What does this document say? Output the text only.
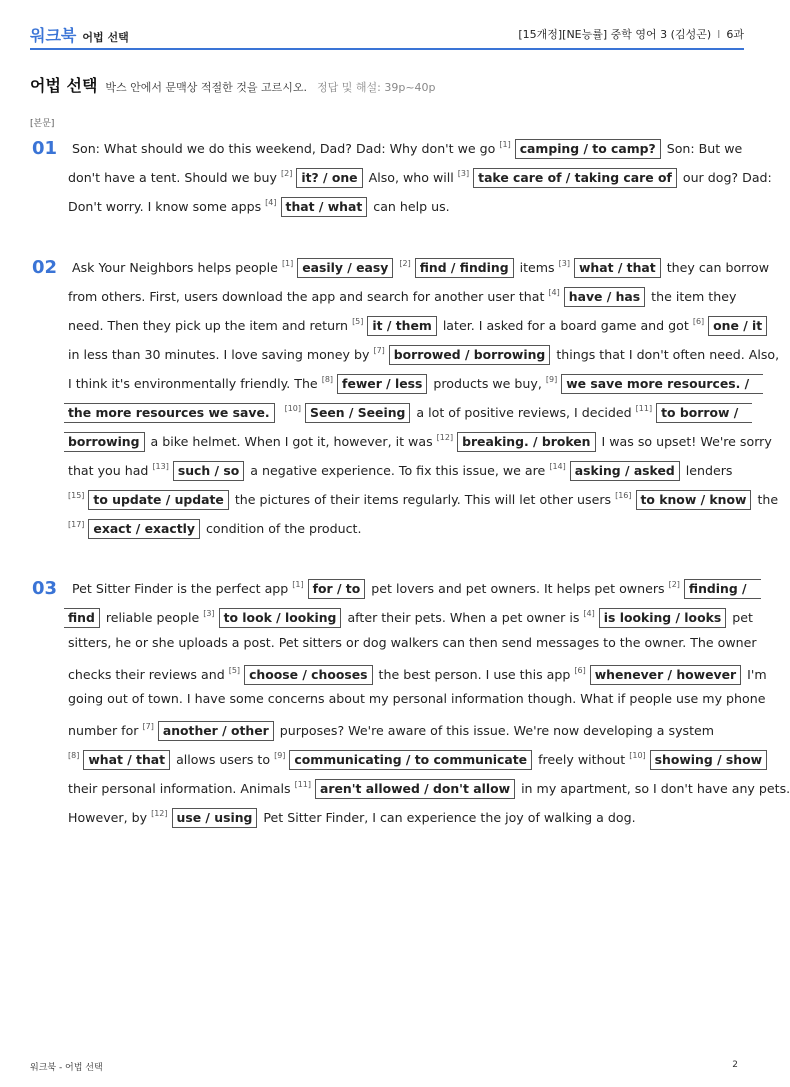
워크북 어법 선택	[15개정][NE능률] 중학 영어 3 (김성곤) I 6과
어법 선택 박스 안에서 문맥상 적절한 것을 고르시오. 정답 및 해설: 39p~40p
[본문]
01 Son: What should we do this weekend, Dad? Dad: Why don't we go [1] camping / to camp? Son: But we
don't have a tent. Should we buy [2] it? / one Also, who will [3] take care of / taking care of our dog? Dad:
Don't worry. I know some apps [4] that / what can help us.
02 Ask Your Neighbors helps people [1] easily / easy [2] find / finding items [3] what / that they can borrow
from others. First, users download the app and search for another user that [4] have / has the item they
need. Then they pick up the item and return [5] it / them later. I asked for a board game and got [6] one / it
in less than 30 minutes. I love saving money by [7] borrowed / borrowing things that I don't often need. Also,
I think it's environmentally friendly. The [8] fewer / less products we buy, [9] we save more resources. /
the more resources we save. [10] Seen / Seeing a lot of positive reviews, I decided [11] to borrow /
borrowing a bike helmet. When I got it, however, it was [12] breaking. / broken I was so upset! We're sorry
that you had [13] such / so a negative experience. To fix this issue, we are [14] asking / asked lenders
[15] to update / update the pictures of their items regularly. This will let other users [16] to know / know the
[17] exact / exactly condition of the product.
03 Pet Sitter Finder is the perfect app [1] for / to pet lovers and pet owners. It helps pet owners [2] finding /
find reliable people [3] to look / looking after their pets. When a pet owner is [4] is looking / looks pet
sitters, he or she uploads a post. Pet sitters or dog walkers can then send messages to the owner. The owner
checks their reviews and [5] choose / chooses the best person. I use this app [6] whenever / however I'm
going out of town. I have some concerns about my personal information though. What if people use my phone
number for [7] another / other purposes? We're aware of this issue. We're now developing a system
[8] what / that allows users to [9] communicating / to communicate freely without [10] showing / show
their personal information. Animals [11] aren't allowed / don't allow in my apartment, so I don't have any pets.
However, by [12] use / using Pet Sitter Finder, I can experience the joy of walking a dog.
워크북 - 어법 선택	2
